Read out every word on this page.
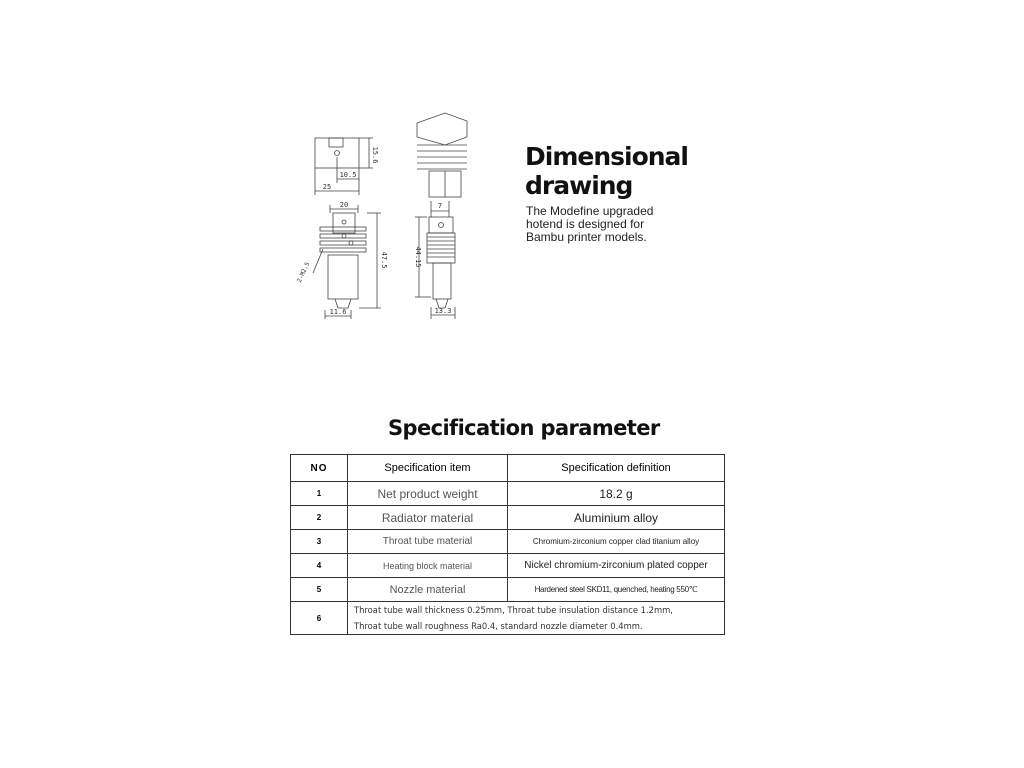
15.6
10.5
25
20
47.5
2-M2.5
11.6
7
44.15
13.3
Dimensional
drawing
The Modefine upgraded
hotend is designed for
Bambu printer models.
Specification parameter
NO	Specification item	Specification definition
1	Net product weight	18.2 g
2	Radiator material	Aluminium alloy
3	Throat tube material	Chromium-zirconium copper clad titanium alloy
4	Heating block material	Nickel chromium-zirconium plated copper
5	Nozzle material	Hardened steel SKD11, quenched, heating 550℃
6	Throat tube wall thickness 0.25mm, Throat tube insulation distance 1.2mm,
Throat tube wall roughness Ra0.4, standard nozzle diameter 0.4mm.	
